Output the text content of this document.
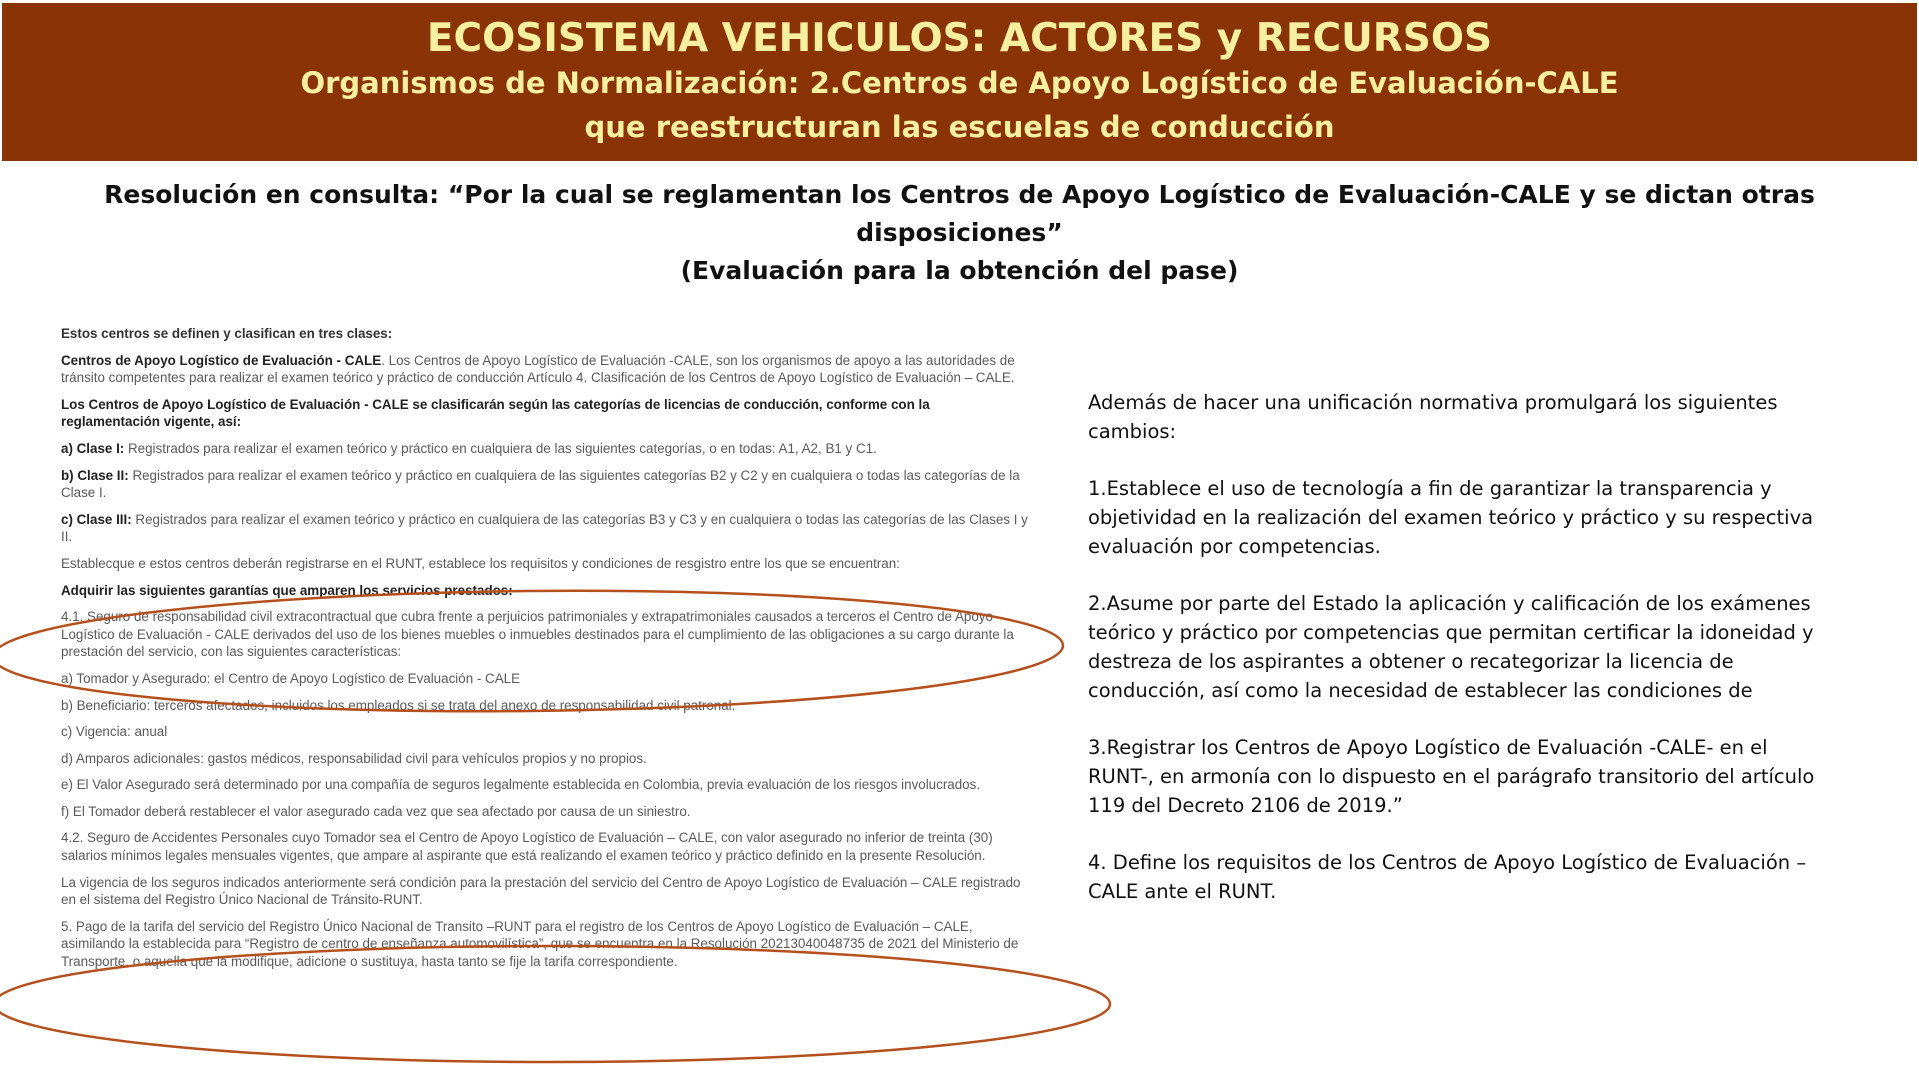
ECOSISTEMA VEHICULOS: ACTORES y RECURSOS
Organismos de Normalización: 2.Centros de Apoyo Logístico de Evaluación-CALE
que reestructuran las escuelas de conducción
Resolución en consulta: “Por la cual se reglamentan los Centros de Apoyo Logístico de Evaluación-CALE y se dictan otras disposiciones”
(Evaluación para la obtención del pase)

Estos centros se definen y clasifican en tres clases:

Centros de Apoyo Logístico de Evaluación - CALE. Los Centros de Apoyo Logístico de Evaluación -CALE, son los organismos de apoyo a las autoridades de tránsito competentes para realizar el examen teórico y práctico de conducción Artículo 4. Clasificación de los Centros de Apoyo Logístico de Evaluación – CALE.

Los Centros de Apoyo Logístico de Evaluación - CALE se clasificarán según las categorías de licencias de conducción, conforme con la reglamentación vigente, así:

a) Clase I: Registrados para realizar el examen teórico y práctico en cualquiera de las siguientes categorías, o en todas: A1, A2, B1 y C1.

b) Clase II: Registrados para realizar el examen teórico y práctico en cualquiera de las siguientes categorías B2 y C2 y en cualquiera o todas las categorías de la Clase I.

c) Clase III: Registrados para realizar el examen teórico y práctico en cualquiera de las categorías B3 y C3 y en cualquiera o todas las categorías de las Clases I y II.

Establecque e estos centros deberán registrarse en el RUNT, establece los requisitos y condiciones de resgistro entre los que se encuentran:

Adquirir las siguientes garantías que amparen los servicios prestados:

4.1. Seguro de responsabilidad civil extracontractual que cubra frente a perjuicios patrimoniales y extrapatrimoniales causados a terceros el Centro de Apoyo Logístico de Evaluación - CALE derivados del uso de los bienes muebles o inmuebles destinados para el cumplimiento de las obligaciones a su cargo durante la prestación del servicio, con las siguientes características:

a) Tomador y Asegurado: el Centro de Apoyo Logístico de Evaluación - CALE

b) Beneficiario: terceros afectados, incluidos los empleados si se trata del anexo de responsabilidad civil patronal.

c) Vigencia: anual

d) Amparos adicionales: gastos médicos, responsabilidad civil para vehículos propios y no propios.

e) El Valor Asegurado será determinado por una compañía de seguros legalmente establecida en Colombia, previa evaluación de los riesgos involucrados.

f) El Tomador deberá restablecer el valor asegurado cada vez que sea afectado por causa de un siniestro.

4.2. Seguro de Accidentes Personales cuyo Tomador sea el Centro de Apoyo Logístico de Evaluación – CALE, con valor asegurado no inferior de treinta (30) salarios mínimos legales mensuales vigentes, que ampare al aspirante que está realizando el examen teórico y práctico definido en la presente Resolución.

La vigencia de los seguros indicados anteriormente será condición para la prestación del servicio del Centro de Apoyo Logístico de Evaluación – CALE registrado en el sistema del Registro Único Nacional de Tránsito-RUNT.

5. Pago de la tarifa del servicio del Registro Único Nacional de Transito –RUNT para el registro de los Centros de Apoyo Logístico de Evaluación – CALE, asimilando la establecida para “Registro de centro de enseñanza automovilística”, que se encuentra en la Resolución 20213040048735 de 2021 del Ministerio de Transporte, o aquella que la modifique, adicione o sustituya, hasta tanto se fije la tarifa correspondiente.

Además de hacer una unificación normativa promulgará los siguientes cambios:

1.Establece el uso de tecnología a fin de garantizar la transparencia y objetividad en la realización del examen teórico y práctico y su respectiva evaluación por competencias.

2.Asume por parte del Estado la aplicación y calificación de los exámenes teórico y práctico por competencias que permitan certificar la idoneidad y destreza de los aspirantes a obtener o recategorizar la licencia de conducción, así como la necesidad de establecer las condiciones de

3.Registrar los Centros de Apoyo Logístico de Evaluación -CALE- en el RUNT-, en armonía con lo dispuesto en el parágrafo transitorio del artículo 119 del Decreto 2106 de 2019.”

4. Define los requisitos de los Centros de Apoyo Logístico de Evaluación – CALE ante el RUNT.
